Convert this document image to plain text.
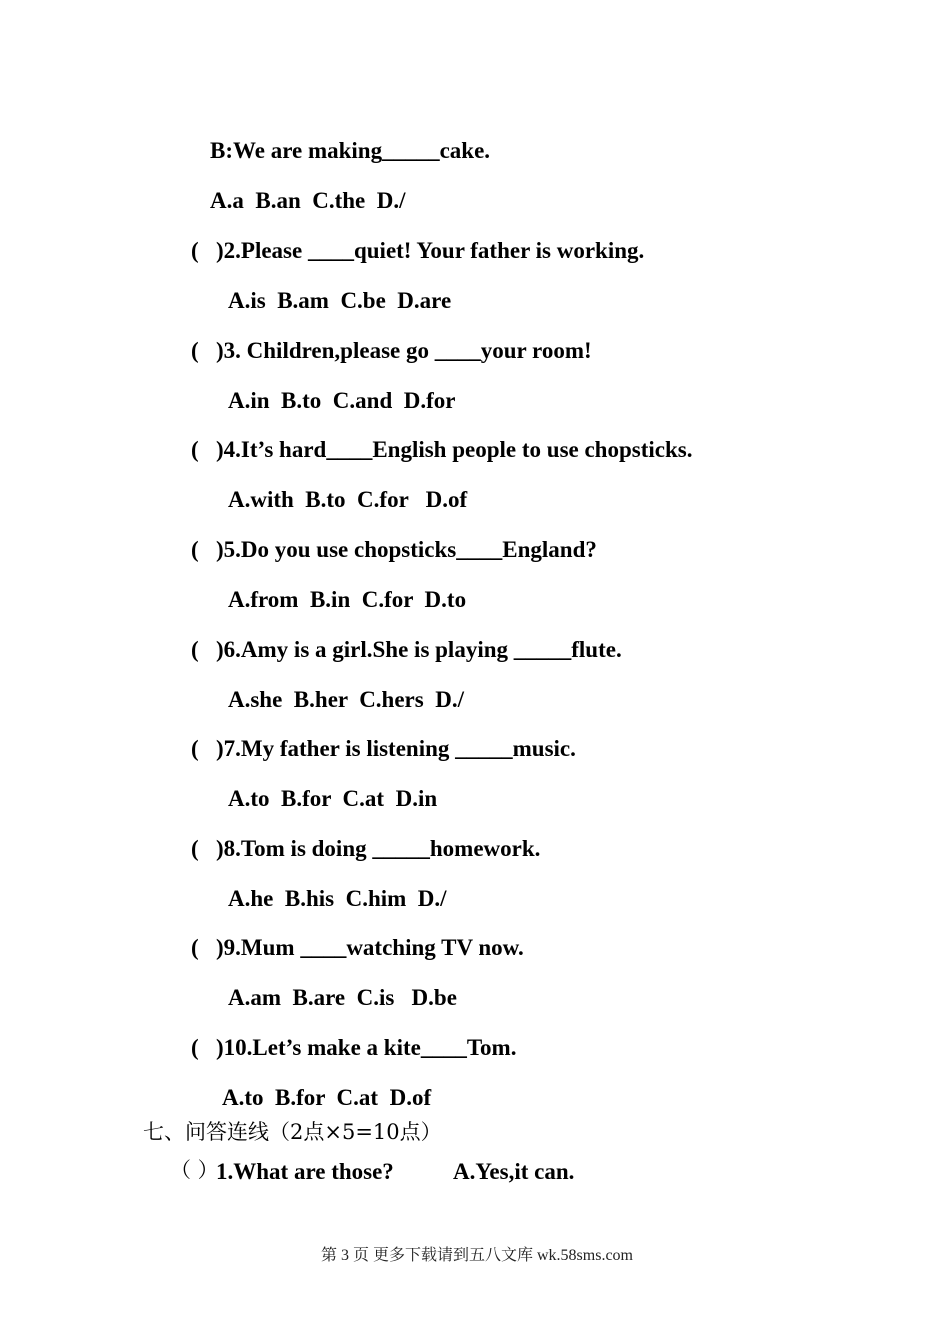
B:We are making_____cake.
A.a  B.an  C.the  D./
( )2.Please ____quiet! Your father is working.
A.is  B.am  C.be  D.are
( )3. Children,please go ____your room!
A.in  B.to  C.and  D.for
( )4.It’s hard____English people to use chopsticks.
A.with  B.to  C.for   D.of
( )5.Do you use chopsticks____England?
A.from  B.in  C.for  D.to
( )6.Amy is a girl.She is playing _____flute.
A.she  B.her  C.hers  D./
( )7.My father is listening _____music.
A.to  B.for  C.at  D.in
( )8.Tom is doing _____homework.
A.he  B.his  C.him  D./
( )9.Mum ____watching TV now.
A.am  B.are  C.is   D.be
( )10.Let’s make a kite____Tom.
A.to  B.for  C.at  D.of
七、问答连线（2点×5=10点）
（ ）
1.What are those?	A.Yes,it can.
第 3 页 更多下载请到五八文库 wk.58sms.com
